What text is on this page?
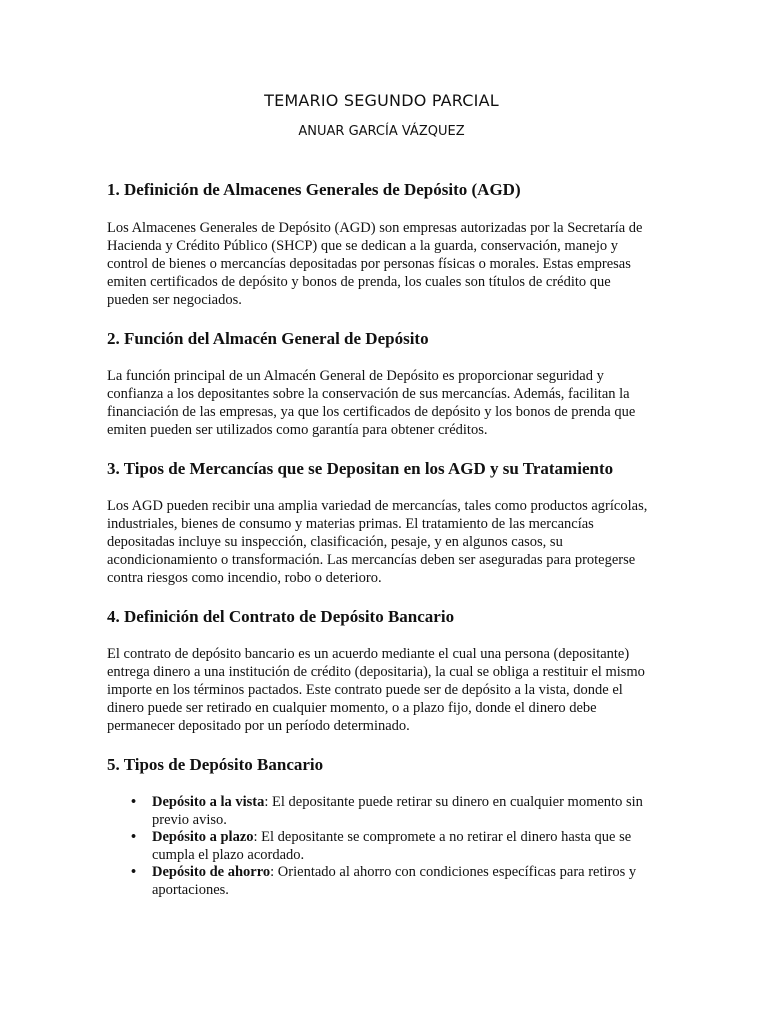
TEMARIO SEGUNDO PARCIAL

ANUAR GARCÍA VÁZQUEZ

1. Definición de Almacenes Generales de Depósito (AGD)

Los Almacenes Generales de Depósito (AGD) son empresas autorizadas por la Secretaría de Hacienda y Crédito Público (SHCP) que se dedican a la guarda, conservación, manejo y control de bienes o mercancías depositadas por personas físicas o morales. Estas empresas emiten certificados de depósito y bonos de prenda, los cuales son títulos de crédito que pueden ser negociados.

2. Función del Almacén General de Depósito

La función principal de un Almacén General de Depósito es proporcionar seguridad y confianza a los depositantes sobre la conservación de sus mercancías. Además, facilitan la financiación de las empresas, ya que los certificados de depósito y los bonos de prenda que emiten pueden ser utilizados como garantía para obtener créditos.

3. Tipos de Mercancías que se Depositan en los AGD y su Tratamiento

Los AGD pueden recibir una amplia variedad de mercancías, tales como productos agrícolas, industriales, bienes de consumo y materias primas. El tratamiento de las mercancías depositadas incluye su inspección, clasificación, pesaje, y en algunos casos, su acondicionamiento o transformación. Las mercancías deben ser aseguradas para protegerse contra riesgos como incendio, robo o deterioro.

4. Definición del Contrato de Depósito Bancario

El contrato de depósito bancario es un acuerdo mediante el cual una persona (depositante) entrega dinero a una institución de crédito (depositaria), la cual se obliga a restituir el mismo importe en los términos pactados. Este contrato puede ser de depósito a la vista, donde el dinero puede ser retirado en cualquier momento, o a plazo fijo, donde el dinero debe permanecer depositado por un período determinado.

5. Tipos de Depósito Bancario
• Depósito a la vista: El depositante puede retirar su dinero en cualquier momento sin previo aviso.
• Depósito a plazo: El depositante se compromete a no retirar el dinero hasta que se cumpla el plazo acordado.
• Depósito de ahorro: Orientado al ahorro con condiciones específicas para retiros y aportaciones.
